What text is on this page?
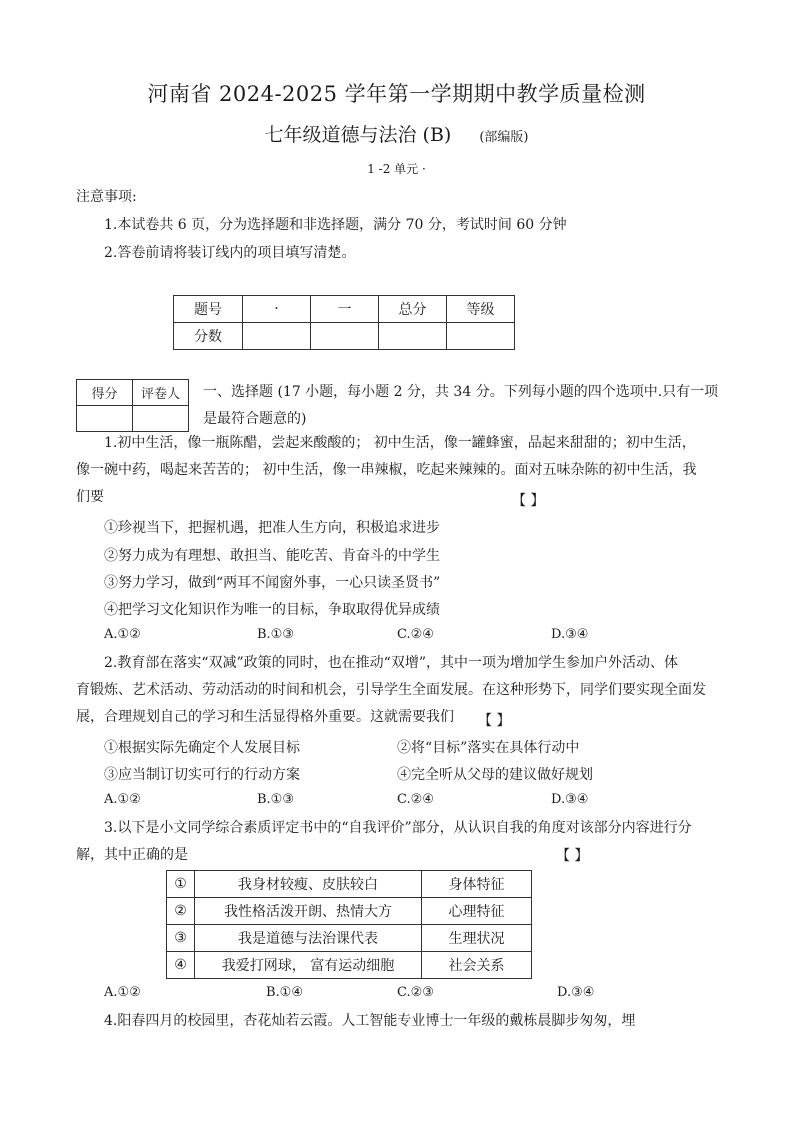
河南省 2024-2025 学年第一学期期中教学质量检测
七年级道德与法治 (B) (部编版)
1 -2 单元 ·
注意事项:
1.本试卷共 6 页，分为选择题和非选择题，满分 70 分，考试时间 60 分钟
2.答卷前请将装订线内的项目填写清楚。
题号	·	一	总分	等级
分数				
得分	评卷人
	一、选择题 (17 小题，每小题 2 分，共 34 分。下列每小题的四个选项中.只有一项
是最符合题意的)
1.初中生活，像一瓶陈醋，尝起来酸酸的； 初中生活，像一罐蜂蜜，品起来甜甜的；初中生活，
像一碗中药，喝起来苦苦的； 初中生活，像一串辣椒，吃起来辣辣的。面对五味杂陈的初中生活，我
们要	【 】
①珍视当下，把握机遇，把准人生方向，积极追求进步
②努力成为有理想、敢担当、能吃苦、肯奋斗的中学生
③努力学习，做到“两耳不闻窗外事，一心只读圣贤书”
④把学习文化知识作为唯一的目标，争取取得优异成绩
A.①②	B.①③	C.②④	D.③④
2.教育部在落实“双减”政策的同时，也在推动“双增”，其中一项为增加学生参加户外活动、体
育锻炼、艺术活动、劳动活动的时间和机会，引导学生全面发展。在这种形势下，同学们要实现全面发
展，合理规划自己的学习和生活显得格外重要。这就需要我们	【 】
①根据实际先确定个人发展目标	②将“目标”落实在具体行动中
③应当制订切实可行的行动方案	④完全听从父母的建议做好规划
A.①②	B.①③	C.②④	D.③④
3.以下是小文同学综合素质评定书中的“自我评价”部分，从认识自我的角度对该部分内容进行分
解，其中正确的是	【 】
①	我身材较瘦、皮肤较白	身体特征
②	我性格活泼开朗、热情大方	心理特征
③	我是道德与法治课代表	生理状况
④	我爱打网球， 富有运动细胞	社会关系
A.①②	B.①④	C.②③	D.③④
4.阳春四月的校园里，杏花灿若云霞。人工智能专业博士一年级的戴栋晨脚步匆匆，埋
